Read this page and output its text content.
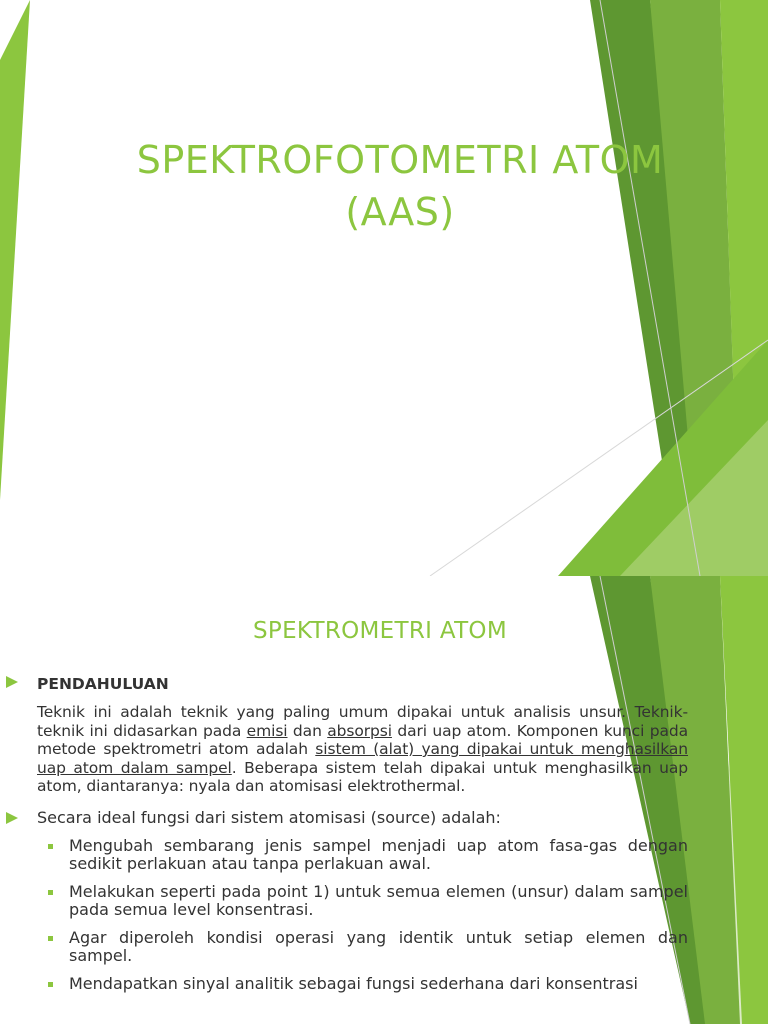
SPEKTROFOTOMETRI ATOM
(AAS)
SPEKTROMETRI ATOM
PENDAHULUAN
Teknik ini adalah teknik yang paling umum dipakai untuk analisis unsur. Teknik-teknik ini didasarkan pada emisi dan absorpsi dari uap atom. Komponen kunci pada metode spektrometri atom adalah sistem (alat) yang dipakai untuk menghasilkan uap atom dalam sampel. Beberapa sistem telah dipakai untuk menghasilkan uap atom, diantaranya: nyala dan atomisasi elektrothermal.
Secara ideal fungsi dari sistem atomisasi (source) adalah:
Mengubah sembarang jenis sampel menjadi uap atom fasa-gas dengan sedikit perlakuan atau tanpa perlakuan awal.
Melakukan seperti pada point 1) untuk semua elemen (unsur) dalam sampel pada semua level konsentrasi.
Agar diperoleh kondisi operasi yang identik untuk setiap elemen dan sampel.
Mendapatkan sinyal analitik sebagai fungsi sederhana dari konsentrasi
